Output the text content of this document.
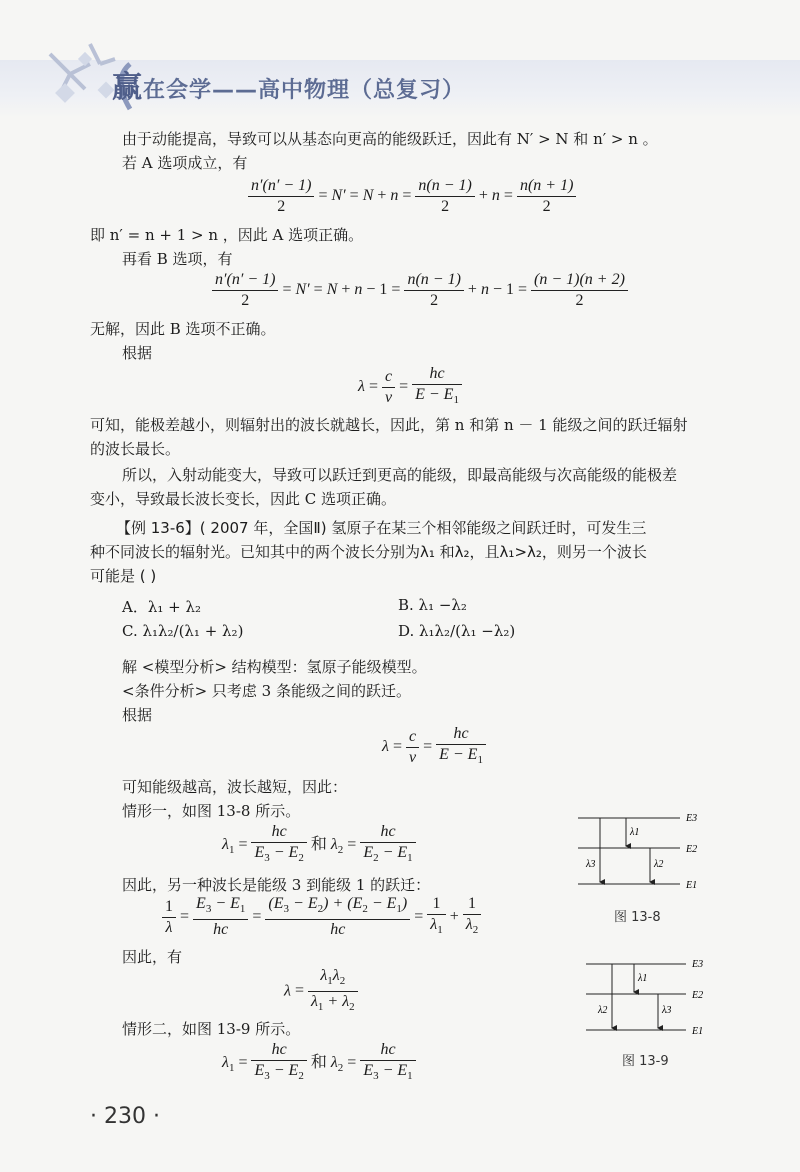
赢在会学——高中物理（总复习）
由于动能提高，导致可以从基态向更高的能级跃迁，因此有 N′ > N 和 n′ > n 。
若 A 选项成立，有
$\frac{n'(n' - 1)}{2} = N' = N + n = \frac{n(n - 1)}{2} + n = \frac{n(n + 1)}{2}$
即 n′ = n + 1 > n ，因此 A 选项正确。
再看 B 选项，有
$\frac{n'(n' - 1)}{2} = N' = N + n - 1 = \frac{n(n - 1)}{2} + n - 1 = \frac{(n - 1)(n + 2)}{2}$
无解，因此 B 选项不正确。
根据
$\lambda = \frac{c}{\nu} = \frac{hc}{E - E_1}$
可知，能极差越小，则辐射出的波长就越长，因此，第 n 和第 n － 1 能级之间的跃迁辐射
的波长最长。
所以，入射动能变大，导致可以跃迁到更高的能级，即最高能级与次高能级的能极差
变小，导致最长波长变长，因此 C 选项正确。
【例 13-6】( 2007 年，全国Ⅱ) 氢原子在某三个相邻能级之间跃迁时，可发生三
种不同波长的辐射光。已知其中的两个波长分别为λ₁ 和λ₂，且λ₁>λ₂，则另一个波长
可能是 ( )
A．λ₁ + λ₂	B. λ₁ −λ₂
C. λ₁λ₂/(λ₁ + λ₂)	D. λ₁λ₂/(λ₁ −λ₂)
解 <模型分析> 结构模型：氢原子能级模型。
<条件分析> 只考虑 3 条能级之间的跃迁。
根据
$\lambda = \frac{c}{\nu} = \frac{hc}{E - E_1}$
可知能级越高，波长越短，因此：
情形一，如图 13-8 所示。
$\lambda_1 = \frac{hc}{E_3 - E_2}$ 和 $\lambda_2 = \frac{hc}{E_2 - E_1}$
因此，另一种波长是能级 3 到能级 1 的跃迁：
$\frac{1}{\lambda} = \frac{E_3 - E_1}{hc} = \frac{(E_3 - E_2) + (E_2 - E_1)}{hc} = \frac{1}{\lambda_1} + \frac{1}{\lambda_2}$
因此，有
$\lambda = \frac{\lambda_1\lambda_2}{\lambda_1 + \lambda_2}$
情形二，如图 13-9 所示。
$\lambda_1 = \frac{hc}{E_3 - E_2}$ 和 $\lambda_2 = \frac{hc}{E_3 - E_1}$
E3
E2
E1
λ1
λ3	λ2
图 13-8
E3
E2
E1
λ1
λ2	λ3
图 13-9
· 230 ·
